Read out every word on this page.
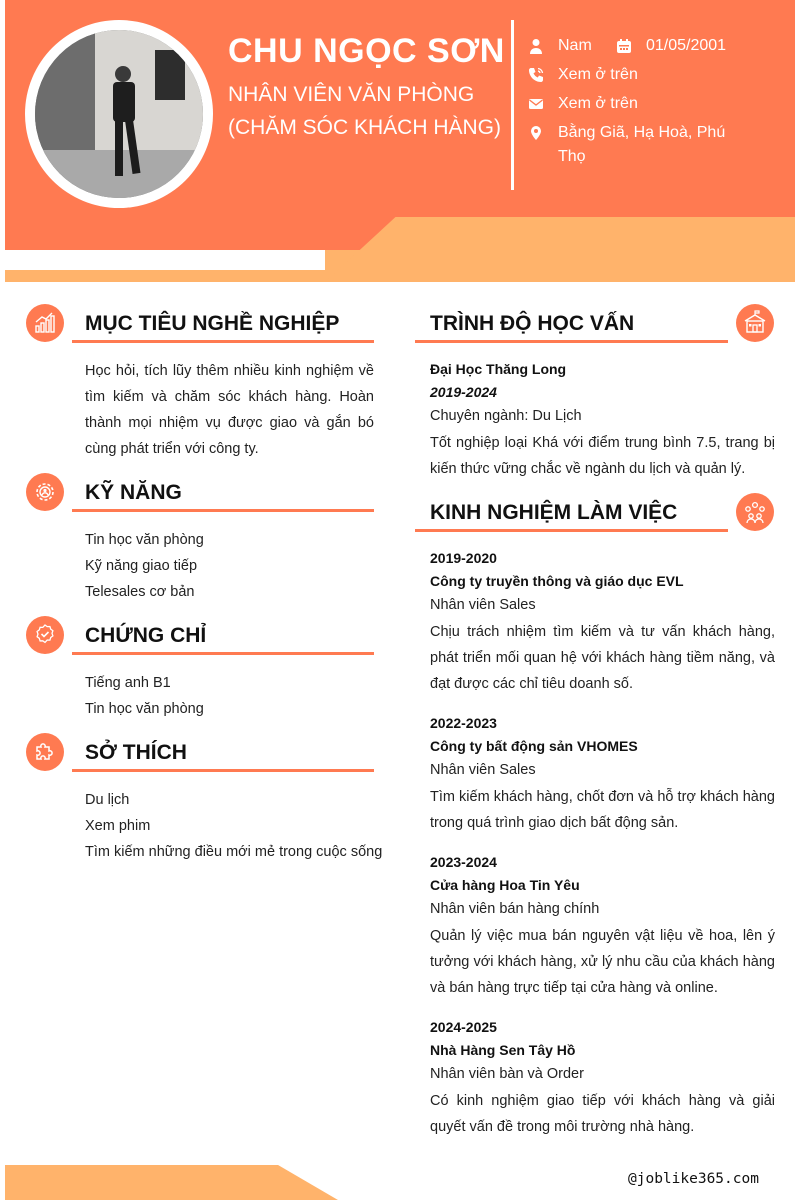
CHU NGỌC SƠN
NHÂN VIÊN VĂN PHÒNG (CHĂM SÓC KHÁCH HÀNG)
Nam	01/05/2001
Xem ở trên
Xem ở trên
Bằng Giã, Hạ Hoà, Phú Thọ
MỤC TIÊU NGHỀ NGHIỆP
Học hỏi, tích lũy thêm nhiều kinh nghiệm về tìm kiếm và chăm sóc khách hàng. Hoàn thành mọi nhiệm vụ được giao và gắn bó cùng phát triển với công ty.
KỸ NĂNG
Tin học văn phòng
Kỹ năng giao tiếp
Telesales cơ bản
CHỨNG CHỈ
Tiếng anh B1
Tin học văn phòng
SỞ THÍCH
Du lịch
Xem phim
Tìm kiếm những điều mới mẻ trong cuộc sống
TRÌNH ĐỘ HỌC VẤN
Đại Học Thăng Long
2019-2024
Chuyên ngành: Du Lịch
Tốt nghiệp loại Khá với điểm trung bình 7.5, trang bị kiến thức vững chắc về ngành du lịch và quản lý.
KINH NGHIỆM LÀM VIỆC
2019-2020
Công ty truyền thông và giáo dục EVL
Nhân viên Sales
Chịu trách nhiệm tìm kiếm và tư vấn khách hàng, phát triển mối quan hệ với khách hàng tiềm năng, và đạt được các chỉ tiêu doanh số.
2022-2023
Công ty bất động sản VHOMES
Nhân viên Sales
Tìm kiếm khách hàng, chốt đơn và hỗ trợ khách hàng trong quá trình giao dịch bất động sản.
2023-2024
Cửa hàng Hoa Tin Yêu
Nhân viên bán hàng chính
Quản lý việc mua bán nguyên vật liệu về hoa, lên ý tưởng với khách hàng, xử lý nhu cầu của khách hàng và bán hàng trực tiếp tại cửa hàng và online.
2024-2025
Nhà Hàng Sen Tây Hồ
Nhân viên bàn và Order
Có kinh nghiệm giao tiếp với khách hàng và giải quyết vấn đề trong môi trường nhà hàng.
@joblike365.com
